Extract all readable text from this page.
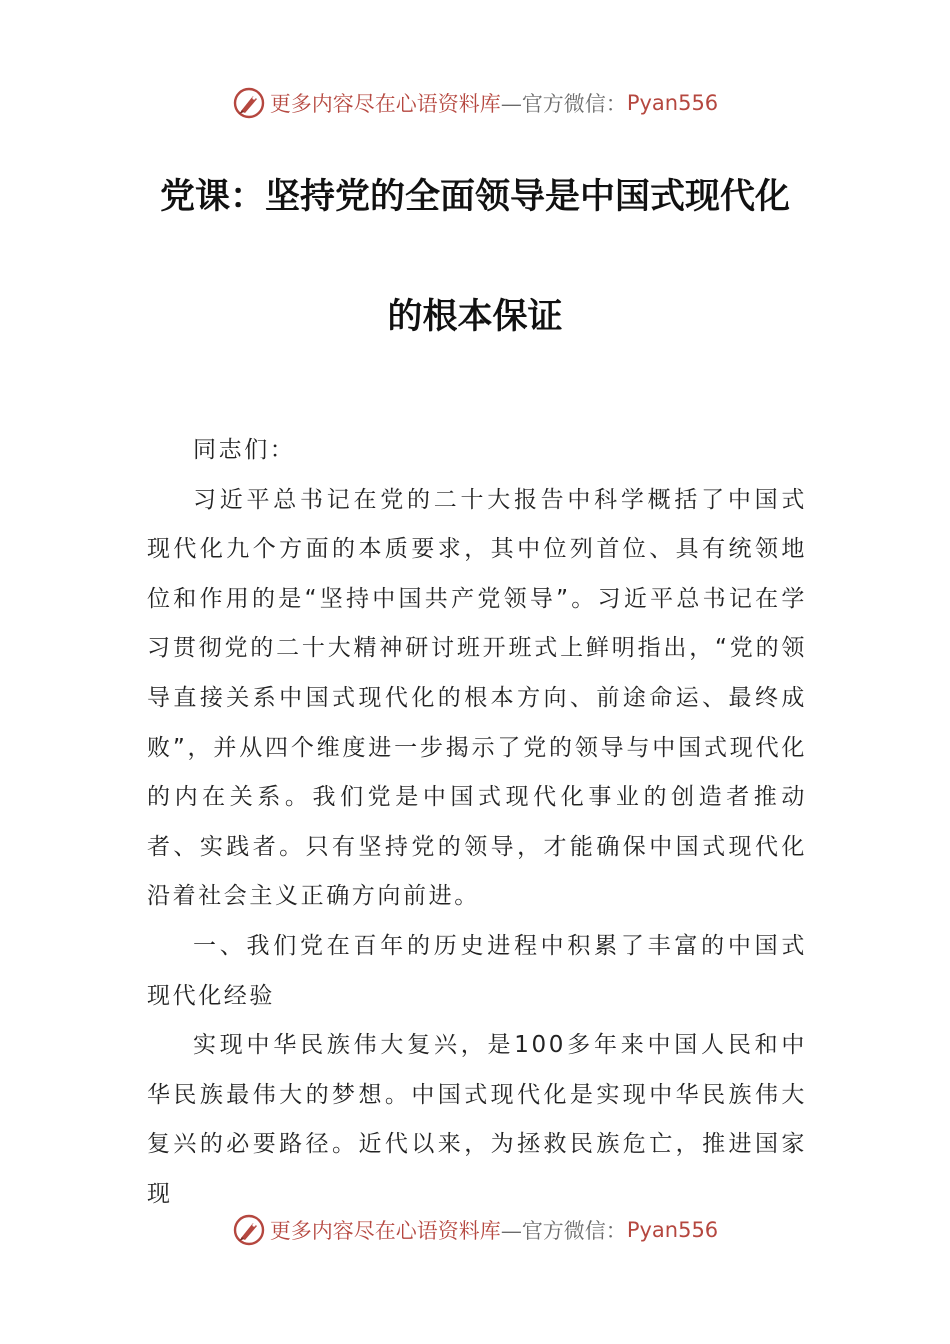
更多内容尽在心语资料库 —官方微信： Pyan556
党课：坚持党的全面领导是中国式现代化
的根本保证

同志们：

习近平总书记在党的二十大报告中科学概括了中国式现代化九个方面的本质要求，其中位列首位、具有统领地位和作用的是“坚持中国共产党领导”。习近平总书记在学习贯彻党的二十大精神研讨班开班式上鲜明指出，“党的领导直接关系中国式现代化的根本方向、前途命运、最终成败”，并从四个维度进一步揭示了党的领导与中国式现代化的内在关系。我们党是中国式现代化事业的创造者推动者、实践者。只有坚持党的领导，才能确保中国式现代化沿着社会主义正确方向前进。

一、我们党在百年的历史进程中积累了丰富的中国式现代化经验

实现中华民族伟大复兴，是100多年来中国人民和中华民族最伟大的梦想。中国式现代化是实现中华民族伟大复兴的必要路径。近代以来，为拯救民族危亡，推进国家现

更多内容尽在心语资料库 —官方微信： Pyan556
